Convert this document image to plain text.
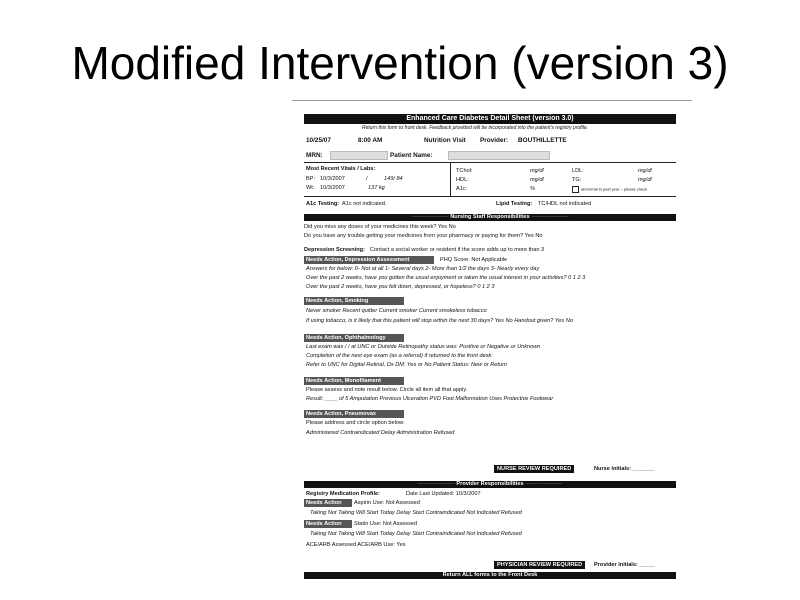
Modified Intervention (version 3)
Enhanced Care Diabetes Detail Sheet (version 3.0)
Return this form to front desk. Feedback provided will be incorporated into the patient's registry profile.
10/25/07	8:00 AM	Nutrition Visit Provider: BOUTHILLETTE
MRN:	Patient Name:
Most Recent Vitals / Labs:
BP: 10/3/2007	/	149/ 84
Wt: 10/3/2007	137 kg
TChol:	mg/dl	LDL:	mg/dl
HDL:	mg/dl	TG:	mg/dl
A1c:	%	abnormal in past year – please check
A1c Testing: A1c not indicated.	Lipid Testing: TC/HDL not indicated
-------------------- Nursing Staff Responsibilities --------------------
Did you miss any doses of your medicines this week? Yes No
Do you have any trouble getting your medicines from your pharmacy or paying for them? Yes No
Depression Screening: Contact a social worker or resident if the score adds up to more than 3
Needs Action, Depression Assessment	PHQ Score: Not Applicable
Answers for below: 0- Not at all 1- Several days 2- More than 1/2 the days 3- Nearly every day
Over the past 2 weeks, have you gotten the usual enjoyment or taken the usual interest in your activities? 0 1 2 3
Over the past 2 weeks, have you felt down, depressed, or hopeless? 0 1 2 3
Needs Action, Smoking
Never smoker Recent quitter Current smoker Current smokeless tobacco
If using tobacco, is it likely that this patient will stop within the next 30 days? Yes No Handout given? Yes No
Needs Action, Ophthalmology
Last exam was / / at UNC or Outside Retinopathy status was: Positive or Negative or Unknown
Completion of the next eye exam (as a referral) if returned to the front desk:
Refer to UNC for Digital Retinal, Dx DM: Yes or No Patient Status: New or Return
Needs Action, Monofilament
Please assess and note result below. Circle all item all that apply.
Result: ____ of 5 Amputation Previous Ulceration PVD Foot Malformation Uses Protective Footwear
Needs Action, Pneumovax
Please address and circle option below:
Administered Contraindicated Delay Administration Refused
NURSE REVIEW REQUIRED	Nurse initials: _______
-------------------- Provider Responsibilities --------------------
Registry Medication Profile:	Date Last Updated: 10/3/2007
Needs Action	Aspirin Use: Not Assessed
Taking Not Taking Will Start Today Delay Start Contraindicated Not Indicated Refused
Needs Action	Statin Use: Not Assessed
Taking Not Taking Will Start Today Delay Start Contraindicated Not Indicated Refused
ACE/ARB Assessed ACE/ARB Use: Yes
PHYSICIAN REVIEW REQUIRED	Provider initials: _____
Return ALL forms to the Front Desk
